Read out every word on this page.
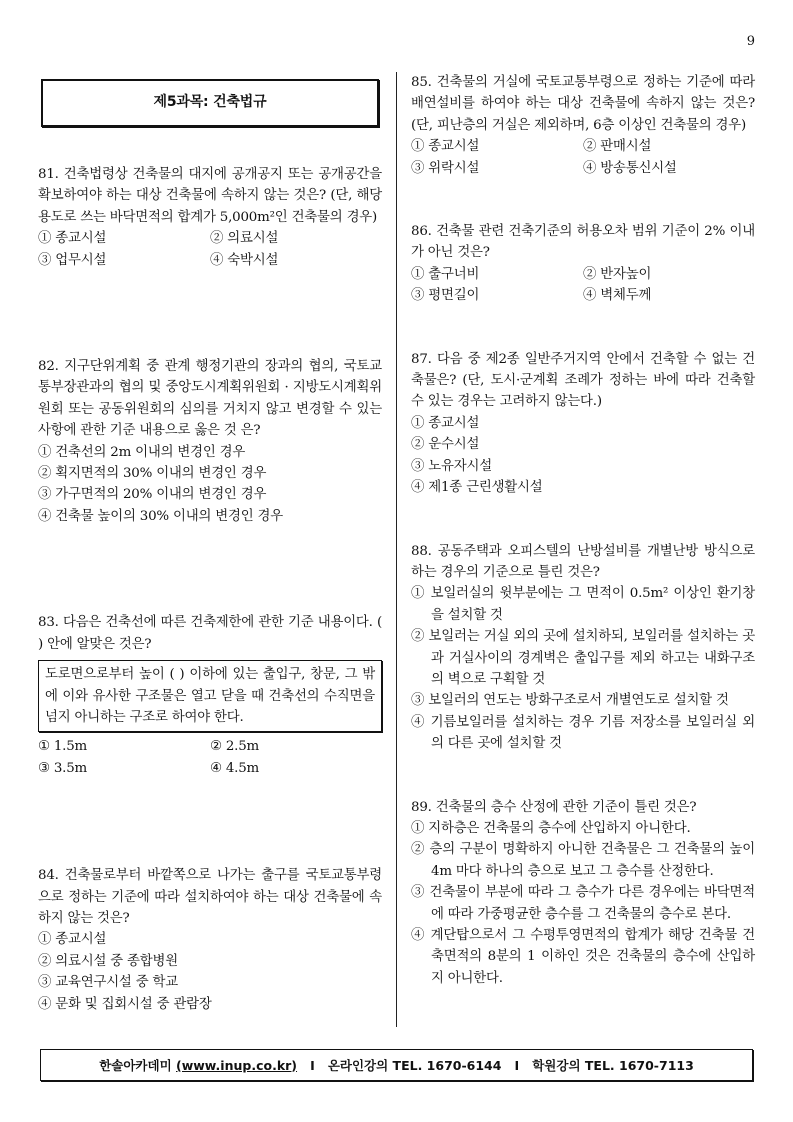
9
제5과목: 건축법규

81. 건축법령상 건축물의 대지에 공개공지 또는 공개공간을 확보하여야 하는 대상 건축물에 속하지 않는 것은? (단, 해당 용도로 쓰는 바닥면적의 합계가 5,000m²인 건축물의 경우)

① 종교시설	② 의료시설
③ 업무시설	④ 숙박시설

82. 지구단위계획 중 관계 행정기관의 장과의 협의, 국토교통부장관과의 협의 및 중앙도시계획위원회 · 지방도시계획위원회 또는 공동위원회의 심의를 거치지 않고 변경할 수 있는 사항에 관한 기준 내용으로 옳은 것 은?

① 건축선의 2m 이내의 변경인 경우
② 획지면적의 30% 이내의 변경인 경우
③ 가구면적의 20% 이내의 변경인 경우
④ 건축물 높이의 30% 이내의 변경인 경우

83. 다음은 건축선에 따른 건축제한에 관한 기준 내용이다. ( ) 안에 알맞은 것은?

도로면으로부터 높이 ( ) 이하에 있는 출입구, 창문, 그 밖에 이와 유사한 구조물은 열고 닫을 때 건축선의 수직면을 넘지 아니하는 구조로 하여야 한다.
① 1.5m	② 2.5m
③ 3.5m	④ 4.5m

84. 건축물로부터 바깥쪽으로 나가는 출구를 국토교통부령으로 정하는 기준에 따라 설치하여야 하는 대상 건축물에 속하지 않는 것은?

① 종교시설
② 의료시설 중 종합병원
③ 교육연구시설 중 학교
④ 문화 및 집회시설 중 관람장

85. 건축물의 거실에 국토교통부령으로 정하는 기준에 따라 배연설비를 하여야 하는 대상 건축물에 속하지 않는 것은? (단, 피난층의 거실은 제외하며, 6층 이상인 건축물의 경우)

① 종교시설	② 판매시설
③ 위락시설	④ 방송통신시설

86. 건축물 관련 건축기준의 허용오차 범위 기준이 2% 이내가 아닌 것은?

① 출구너비	② 반자높이
③ 평면길이	④ 벽체두께

87. 다음 중 제2종 일반주거지역 안에서 건축할 수 없는 건축물은? (단, 도시·군계획 조례가 정하는 바에 따라 건축할 수 있는 경우는 고려하지 않는다.)

① 종교시설
② 운수시설
③ 노유자시설
④ 제1종 근린생활시설

88. 공동주택과 오피스텔의 난방설비를 개별난방 방식으로 하는 경우의 기준으로 틀린 것은?

① 보일러실의 윗부분에는 그 면적이 0.5m² 이상인 환기창을 설치할 것
② 보일러는 거실 외의 곳에 설치하되, 보일러를 설치하는 곳과 거실사이의 경계벽은 출입구를 제외 하고는 내화구조의 벽으로 구획할 것
③ 보일러의 연도는 방화구조로서 개별연도로 설치할 것
④ 기름보일러를 설치하는 경우 기름 저장소를 보일러실 외의 다른 곳에 설치할 것

89. 건축물의 층수 산정에 관한 기준이 틀린 것은?

① 지하층은 건축물의 층수에 산입하지 아니한다.
② 층의 구분이 명확하지 아니한 건축물은 그 건축물의 높이 4m 마다 하나의 층으로 보고 그 층수를 산정한다.
③ 건축물이 부분에 따라 그 층수가 다른 경우에는 바닥면적에 따라 가중평균한 층수를 그 건축물의 층수로 본다.
④ 계단탑으로서 그 수평투영면적의 합계가 해당 건축물 건축면적의 8분의 1 이하인 것은 건축물의 층수에 산입하지 아니한다.
한솔아카데미
(www.inup.co.kr)
I
온라인강의 TEL. 1670-6144
I
학원강의 TEL. 1670-7113
